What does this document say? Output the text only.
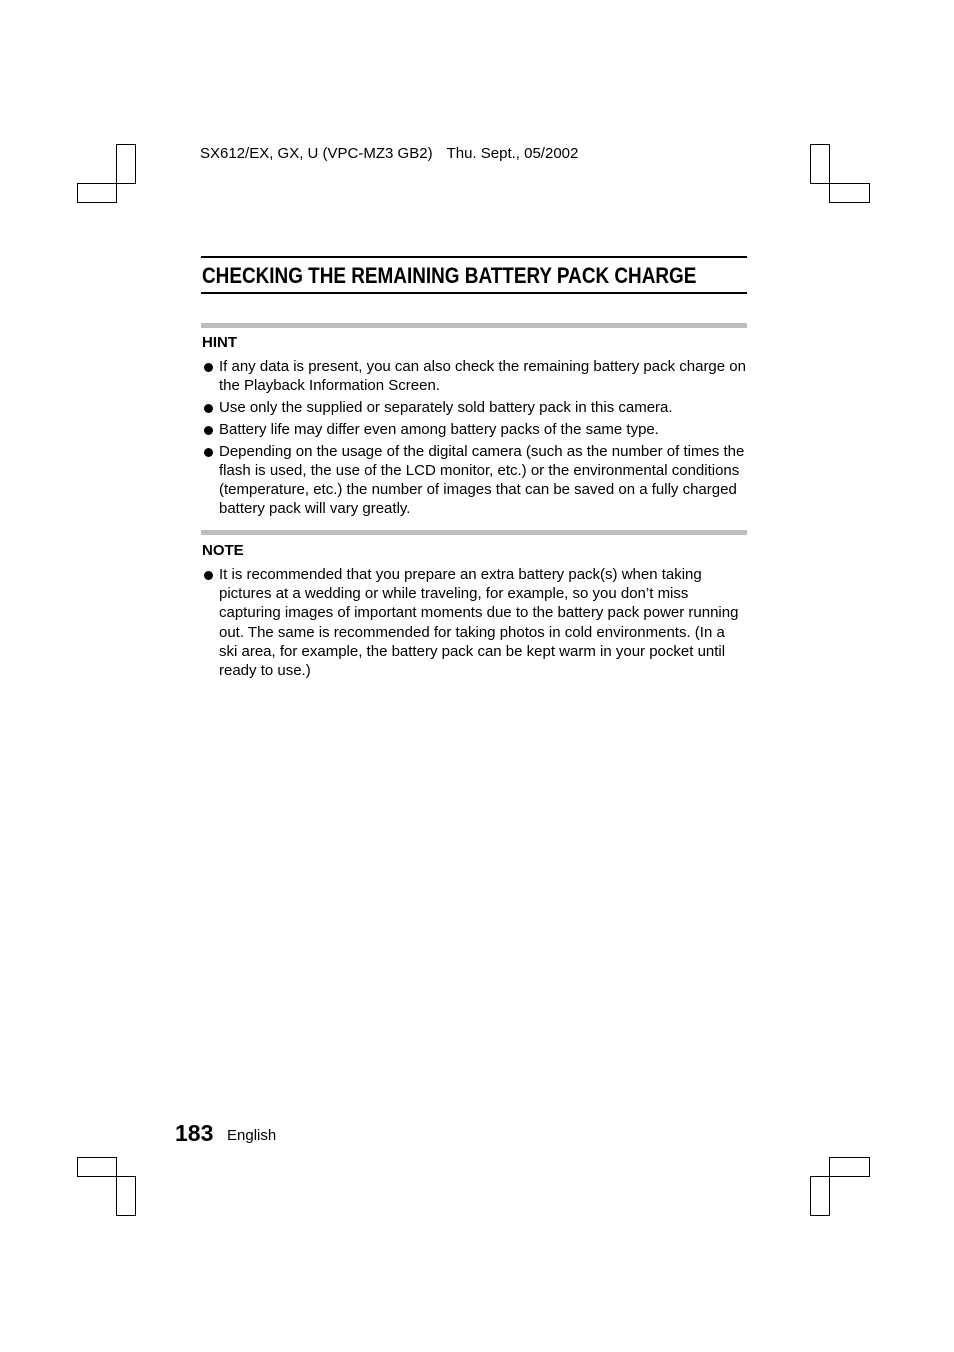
SX612/EX, GX, U (VPC-MZ3 GB2) Thu. Sept., 05/2002
CHECKING THE REMAINING BATTERY PACK CHARGE
HINT
If any data is present, you can also check the remaining battery pack charge on the Playback Information Screen.
Use only the supplied or separately sold battery pack in this camera.
Battery life may differ even among battery packs of the same type.
Depending on the usage of the digital camera (such as the number of times the flash is used, the use of the LCD monitor, etc.) or the environmental conditions (temperature, etc.) the number of images that can be saved on a fully charged battery pack will vary greatly.
NOTE
It is recommended that you prepare an extra battery pack(s) when taking pictures at a wedding or while traveling, for example, so you don’t miss capturing images of important moments due to the battery pack power running out. The same is recommended for taking photos in cold environments. (In a ski area, for example, the battery pack can be kept warm in your pocket until ready to use.)
183 English
